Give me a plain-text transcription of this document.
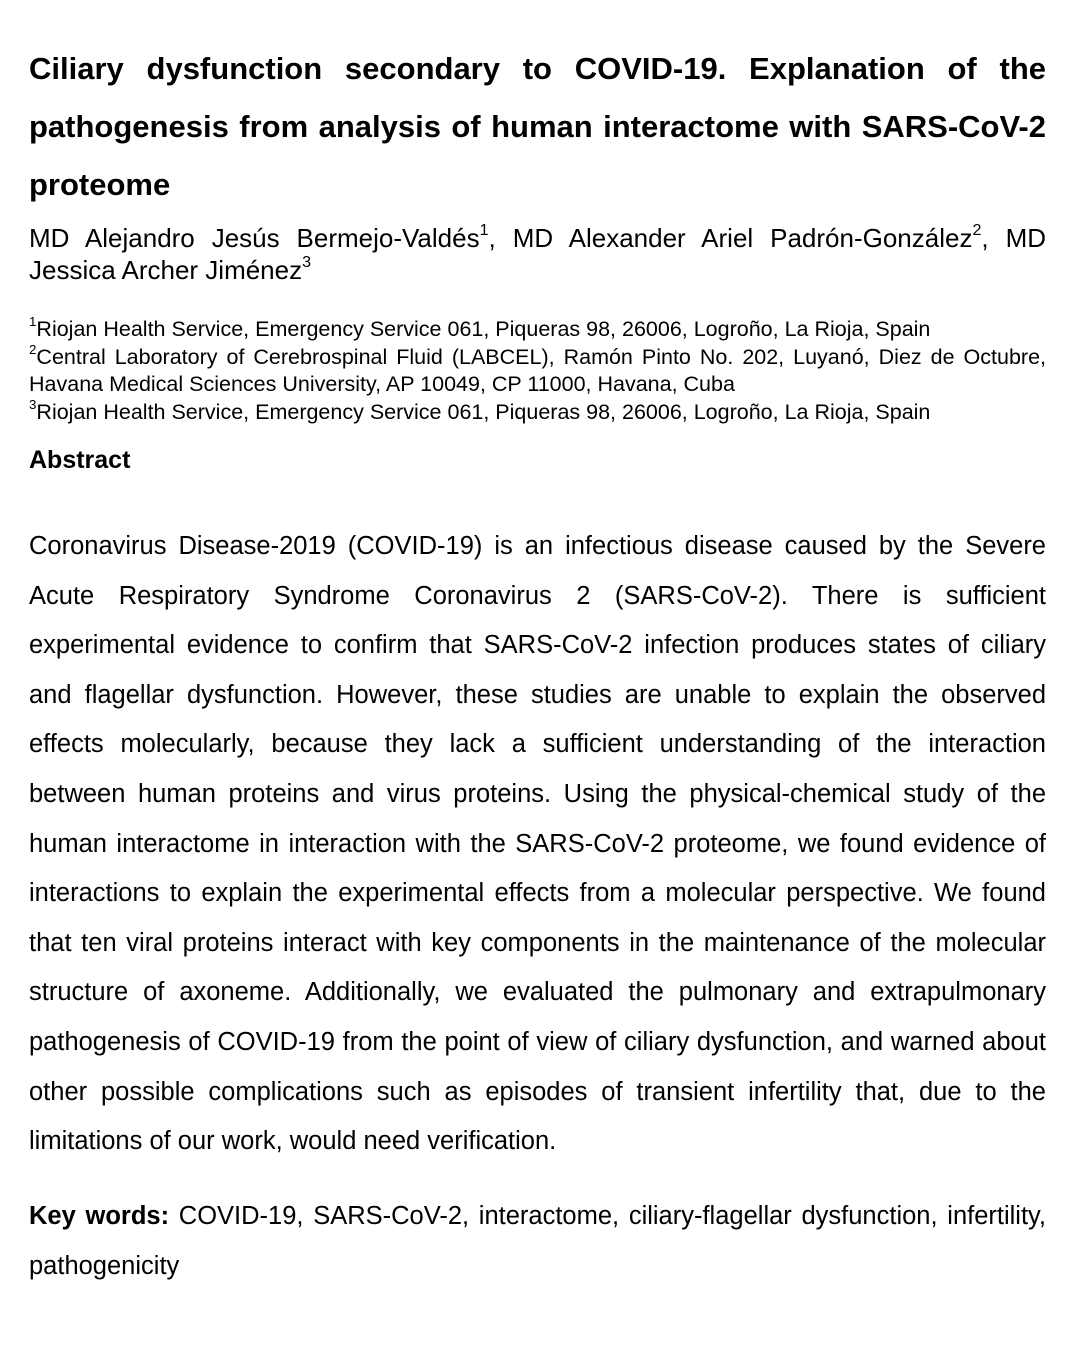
Ciliary dysfunction secondary to COVID-19. Explanation of the pathogenesis from analysis of human interactome with SARS-CoV-2 proteome
MD Alejandro Jesús Bermejo-Valdés$^1$, MD Alexander Ariel Padrón-González$^2$, MD Jessica Archer Jiménez$^3$
$^1$Riojan Health Service, Emergency Service 061, Piqueras 98, 26006, Logroño, La Rioja, Spain
$^2$Central Laboratory of Cerebrospinal Fluid (LABCEL), Ramón Pinto No. 202, Luyanó, Diez de Octubre, Havana Medical Sciences University, AP 10049, CP 11000, Havana, Cuba
$^3$Riojan Health Service, Emergency Service 061, Piqueras 98, 26006, Logroño, La Rioja, Spain
Abstract

Coronavirus Disease-2019 (COVID-19) is an infectious disease caused by the Severe Acute Respiratory Syndrome Coronavirus 2 (SARS-CoV-2). There is sufficient experimental evidence to confirm that SARS-CoV-2 infection produces states of ciliary and flagellar dysfunction. However, these studies are unable to explain the observed effects molecularly, because they lack a sufficient understanding of the interaction between human proteins and virus proteins. Using the physical-chemical study of the human interactome in interaction with the SARS-CoV-2 proteome, we found evidence of interactions to explain the experimental effects from a molecular perspective. We found that ten viral proteins interact with key components in the maintenance of the molecular structure of axoneme. Additionally, we evaluated the pulmonary and extrapulmonary pathogenesis of COVID-19 from the point of view of ciliary dysfunction, and warned about other possible complications such as episodes of transient infertility that, due to the limitations of our work, would need verification.

Key words: COVID-19, SARS-CoV-2, interactome, ciliary-flagellar dysfunction, infertility, pathogenicity
